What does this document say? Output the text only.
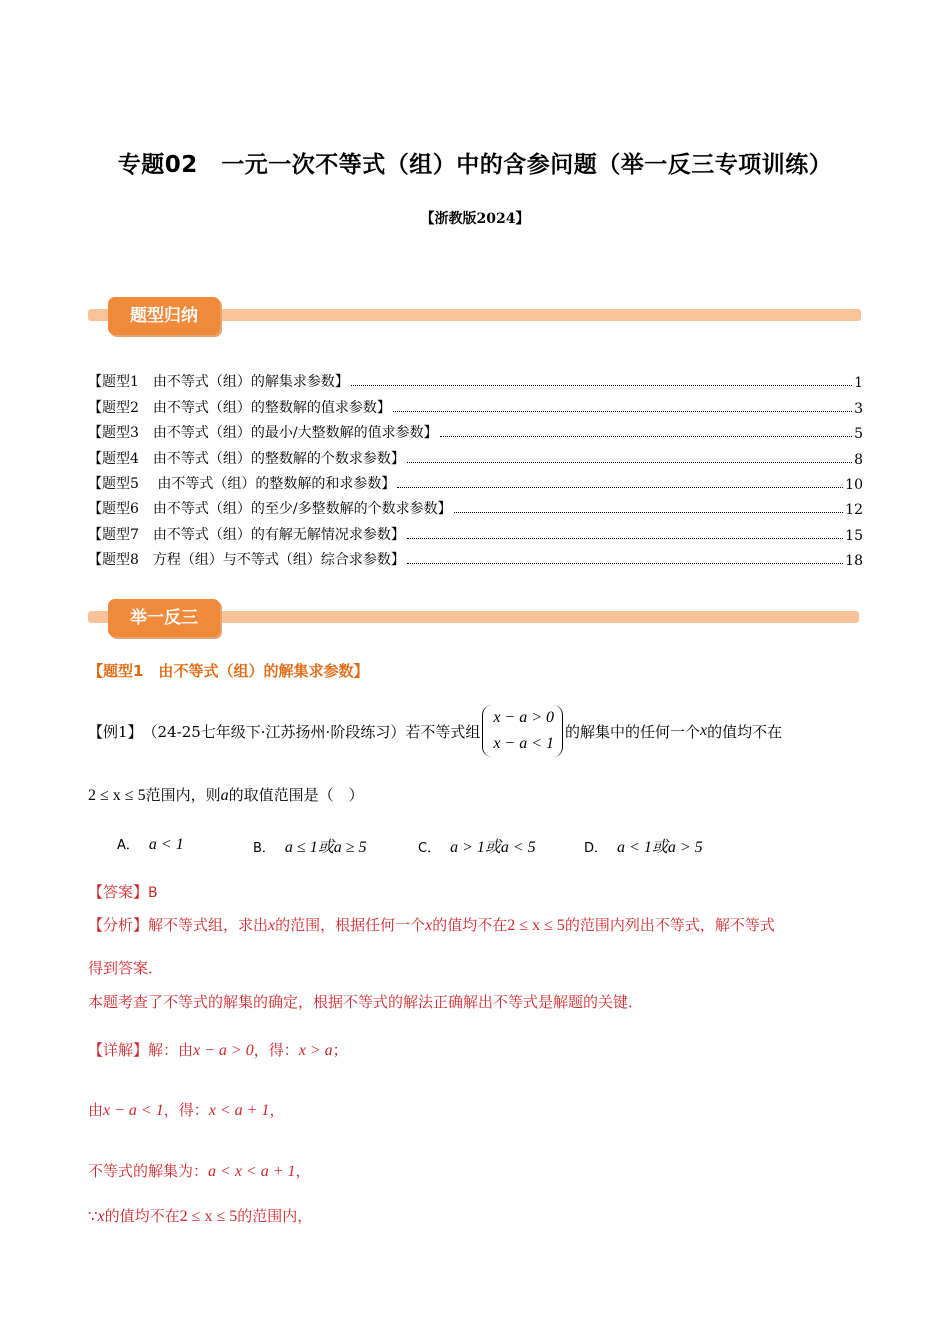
专题02　一元一次不等式（组）中的含参问题（举一反三专项训练）
【浙教版2024】
题型归纳
【题型1　由不等式（组）的解集求参数】	1
【题型2　由不等式（组）的整数解的值求参数】	3
【题型3　由不等式（组）的最小/大整数解的值求参数】	5
【题型4　由不等式（组）的整数解的个数求参数】	8
【题型5　 由不等式（组）的整数解的和求参数】	10
【题型6　由不等式（组）的至少/多整数解的个数求参数】	12
【题型7　由不等式（组）的有解无解情况求参数】	15
【题型8　方程（组）与不等式（组）综合求参数】	18
举一反三
【题型1　由不等式（组）的解集求参数】
【例1】 （24-25七年级下·江苏扬州·阶段练习）若不等式组
x − a > 0
x − a < 1
的解集中的任何一个 x 的值均不在
2 ≤ x ≤ 5范围内，则a的取值范围是（　）
A． a < 1	B． a ≤ 1或a ≥ 5	C． a > 1或a < 5	D． a < 1或a > 5
【答案】B
【分析】解不等式组，求出x的范围，根据任何一个x的值均不在2 ≤ x ≤ 5的范围内列出不等式，解不等式
得到答案．
本题考查了不等式的解集的确定，根据不等式的解法正确解出不等式是解题的关键．
【详解】解：由x − a > 0，得：x > a；
由x − a < 1，得：x < a + 1，
不等式的解集为：a < x < a + 1，
∵x的值均不在2 ≤ x ≤ 5的范围内，
